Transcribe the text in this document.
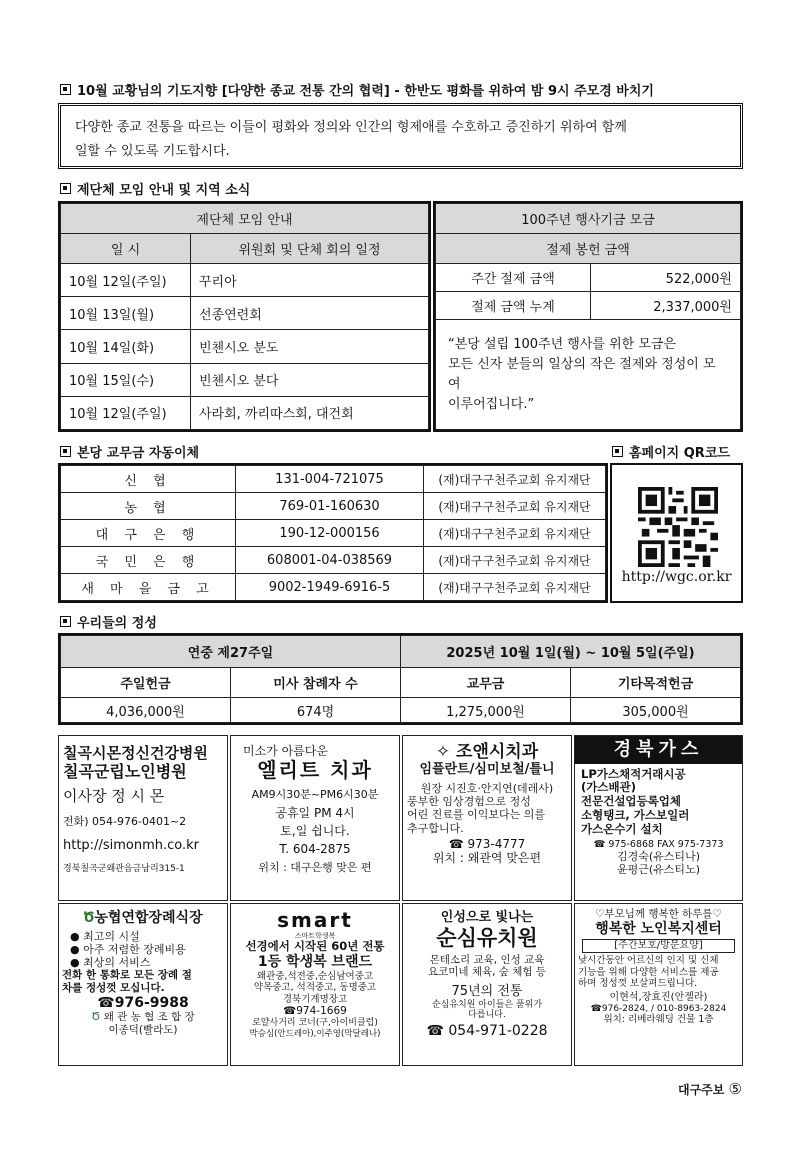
10월 교황님의 기도지향 [다양한 종교 전통 간의 협력] - 한반도 평화를 위하여 밤 9시 주모경 바치기
다양한 종교 전통을 따르는 이들이 평화와 정의와 인간의 형제애를 수호하고 증진하기 위하여 함께
일할 수 있도록 기도합시다.
제단체 모임 안내 및 지역 소식
제단체 모임 안내	
일 시	위원회 및 단체 회의 일정
10월 12일(주일)	꾸리아
10월 13일(월)	선종연련회
10월 14일(화)	빈첸시오 분도
10월 15일(수)	빈첸시오 분다
10월 12일(주일)	사라회, 까리따스회, 대건회
100주년 행사기금 모금	
절제 봉헌 금액	
주간 절제 금액	522,000원
절제 금액 누계	2,337,000원

“본당 설립 100주년 행사를 위한 모금은
모든 신자 분들의 일상의 작은 절제와 정성이 모여
이루어집니다.”	
본당 교무금 자동이체	홈페이지 QR코드
신 협	131-004-721075	(재)대구구천주교회 유지재단
농 협	769-01-160630	(재)대구구천주교회 유지재단
대 구 은 행	190-12-000156	(재)대구구천주교회 유지재단
국 민 은 행	608001-04-038569	(재)대구구천주교회 유지재단
새 마 을 금 고	9002-1949-6916-5	(재)대구구천주교회 유지재단
http://wgc.or.kr
우리들의 정성
연중 제27주일		2025년 10월 1일(월) ~ 10월 5일(주일)	
주일헌금	미사 참례자 수	교무금	기타목적헌금
4,036,000원	674명	1,275,000원	305,000원
칠곡시몬정신건강병원
칠곡군립노인병원
이사장 정 시 몬
전화) 054-976-0401~2
http://simonmh.co.kr
경북칠곡군왜관읍금남리315-1
미소가 아름다운
엘리트 치과
AM9시30분~PM6시30분
공휴일 PM 4시
토,일 쉽니다.
T. 604-2875
위치 : 대구은행 맞은 편
✧ 조앤시치과
임플란트/심미보철/틀니
원장 시진호·안지연(데레사)
풍부한 임상경험으로 정성
어린 진료를 이익보다는 의를
추구합니다.
☎ 973-4777
위치 : 왜관역 맞은편
경북가스
LP가스채적거래시공
(가스배관)
전문건설업등록업체
소형탱크, 가스보일러
가스온수기 설치
☎ 975-6868 FAX 975-7373
김경숙(유스티나)
윤평근(유스티노)
Ծ농협연합장례식장
● 최고의 시설
● 아주 저렴한 장례비용
● 최상의 서비스
전화 한 통화로 모든 장례 절
차를 정성껏 모십니다.
☎976-9988
Ծ 왜 관 농 협 조 합 장
이종덕(빨라도)
smart
스마트학생복
선경에서 시작된 60년 전통
1등 학생복 브랜드
왜관중,석전중,순심남여중고
약목중고, 석적중고, 동명중고
경북기계명장고
☎974-1669
로얄사거리 코너(구,아이비클럽)
박승심(안드레아),이주영(막달레나)
인성으로 빛나는
순심유치원
몬테소리 교육, 인성 교육
요코미네 체육, 숲 체험 등
75년의 전통
순심유치원 아이들은 품위가
다릅니다.
☎ 054-971-0228
♡부모님께 행복한 하루를♡
행복한 노인복지센터
[주간보호/방문요양]
낮시간동안 어르신의 인지 및 신체
기능을 위해 다양한 서비스를 제공
하며 정성껏 보살펴드립니다.
이현석,장효진(안젤라)
☎976-2824, / 010-8963-2824
위치: 리베라웨딩 건물 1층
대구주보 ⑤
